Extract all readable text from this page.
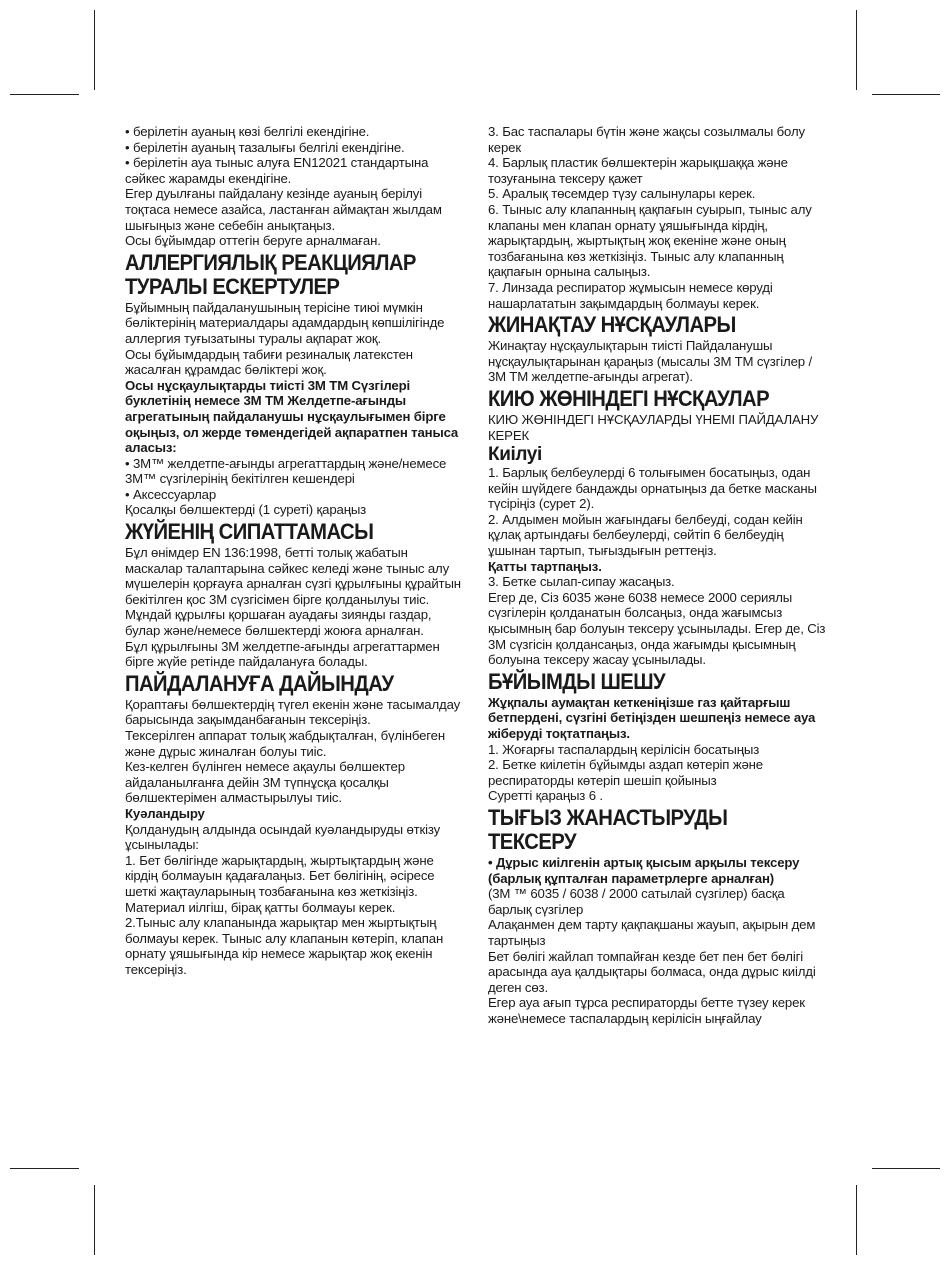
• берілетін ауаның көзі белгілі екендігіне.

• берілетін ауаның тазалығы белгілі екендігіне.

• берілетін ауа тыныс алуға EN12021 стандартына сәйкес жарамды екендігіне.

Егер дуылғаны пайдалану кезінде ауаның берілуі тоқтаса немесе азайса, ластанған аймақтан жылдам шығыңыз және себебін анықтаңыз.

Осы бұйымдар оттегін беруге арналмаған.

АЛЛЕРГИЯЛЫҚ РЕАКЦИЯЛАР ТУРАЛЫ ЕСКЕРТУЛЕР

Бұйымның пайдаланушының терісіне тиюі мүмкін бөліктерінің материалдары адамдардың көпшілігінде аллергия туғызатыны туралы ақпарат жоқ.

Осы бұйымдардың табиғи резиналық латекстен жасалған құрамдас бөліктері жоқ.

Осы нұсқаулықтарды тиісті 3M TM Сүзгілері буклетінің немесе 3M TM Желдетпе-ағынды агрегатының пайдаланушы нұсқаулығымен бірге оқыңыз, ол жерде төмендегідей ақпаратпен таныса аласыз:

• 3M™ желдетпе-ағынды агрегаттардың және/немесе 3M™ сүзгілерінің бекітілген кешендері

• Аксессуарлар

Қосалқы бөлшектерді (1 суреті) қараңыз

ЖҮЙЕНІҢ СИПАТТАМАСЫ

Бұл өнімдер EN 136:1998, бетті толық жабатын маскалар талаптарына сәйкес келеді және тыныс алу мүшелерін қорғауға арналған сүзгі құрылғыны құрайтын бекітілген қос 3M сүзгісімен бірге қолданылуы тиіс.

Мұндай құрылғы қоршаған ауадағы зиянды газдар, булар және/немесе бөлшектерді жоюға арналған.

Бұл құрылғыны 3M желдетпе-ағынды агрегаттармен бірге жүйе ретінде пайдалануға болады.

ПАЙДАЛАНУҒА ДАЙЫНДАУ

Қораптағы бөлшектердің түгел екенін және тасымалдау барысында зақымданбағанын тексеріңіз.

Тексерілген аппарат толық жабдықталған, бүлінбеген және дұрыс жиналған болуы тиіс.

Кез-келген бүлінген немесе ақаулы бөлшектер айдаланылғанға дейін 3M түпнұсқа қосалқы бөлшектерімен алмастырылуы тиіс.

Куәландыру

Қолданудың алдында осындай куәландыруды өткізу ұсынылады:

1. Бет бөлігінде жарықтардың, жыртықтардың және кірдің болмауын қадағалаңыз. Бет бөлігінің, әсіресе шеткі жақтауларының тозбағанына көз жеткізіңіз. Материал иілгіш, бірақ қатты болмауы керек.

2.Тыныс алу клапанында жарықтар мен жыртықтың болмауы керек. Тыныс алу клапанын көтеріп, клапан орнату ұяшығында кір немесе жарықтар жоқ екенін тексеріңіз.

3. Бас таспалары бүтін және жақсы созылмалы болу керек

4. Барлық пластик бөлшектерін жарықшаққа және тозуғанына тексеру қажет

5. Аралық төсемдер түзу салынулары керек.

6. Тыныс алу клапанның қақпағын суырып, тыныс алу клапаны мен клапан орнату ұяшығында кірдің, жарықтардың, жыртықтың жоқ екеніне және оның тозбағанына көз жеткізіңіз. Тыныс алу клапанның қақпағын орнына салыңыз.

7. Линзада респиратор жұмысын немесе көруді нашарлататын зақымдардың болмауы керек.

ЖИНАҚТАУ НҰСҚАУЛАРЫ

Жинақтау нұсқаулықтарын тиісті Пайдаланушы нұсқаулықтарынан қараңыз (мысалы 3M TM сүзгілер / 3M TM желдетпе-ағынды агрегат).

КИЮ ЖӨНІНДЕГІ НҰСҚАУЛАР

КИЮ ЖӨНІНДЕГІ НҰСҚАУЛАРДЫ ҮНЕМІ ПАЙДАЛАНУ КЕРЕК

Киілуі

1. Барлық белбеулерді 6 толығымен босатыңыз, одан кейін шүйдеге бандажды орнатыңыз да бетке масканы түсіріңіз (сурет 2).

2. Алдымен мойын жағындағы белбеуді, содан кейін құлақ артындағы белбеулерді, сөйтіп 6 белбеудің ұшынан тартып, тығыздығын реттеңіз.

Қатты тартпаңыз.

3. Бетке сылап-сипау жасаңыз.

Егер де, Сіз 6035 және 6038 немесе 2000 сериялы сүзгілерін қолданатын болсаңыз, онда жағымсыз қысымның бар болуын тексеру ұсынылады. Егер де, Сіз 3M сүзгісін қолдансаңыз, онда жағымды қысымның болуына тексеру жасау ұсынылады.

БҰЙЫМДЫ ШЕШУ

Жұқпалы аумақтан кеткеніңізше газ қайтарғыш бетпердені, сүзгіні бетіңізден шешпеңіз немесе ауа жіберуді тоқтатпаңыз.

1. Жоғарғы таспалардың керілісін босатыңыз

2. Бетке киілетін бұйымды аздап көтеріп және респираторды көтеріп шешіп қойыныз

Суретті қараңыз 6 .

ТЫҒЫЗ ЖАНАСТЫРУДЫ ТЕКСЕРУ

• Дұрыс киілгенін артық қысым арқылы тексеру (барлық құпталған параметрлерге арналған)

(3M ™ 6035 / 6038 / 2000 сатылай сүзгілер) басқа барлық сүзгілер

Алақанмен дем тарту қақпақшаны жауып, ақырын дем тартыңыз

Бет бөлігі жайлап томпайған кезде бет пен бет бөлігі арасында ауа қалдықтары болмаса, онда дұрыс киілді деген сөз.

Егер ауа ағып тұрса респираторды бетте түзеу керек және\немесе таспалардың керілісін ыңғайлау
